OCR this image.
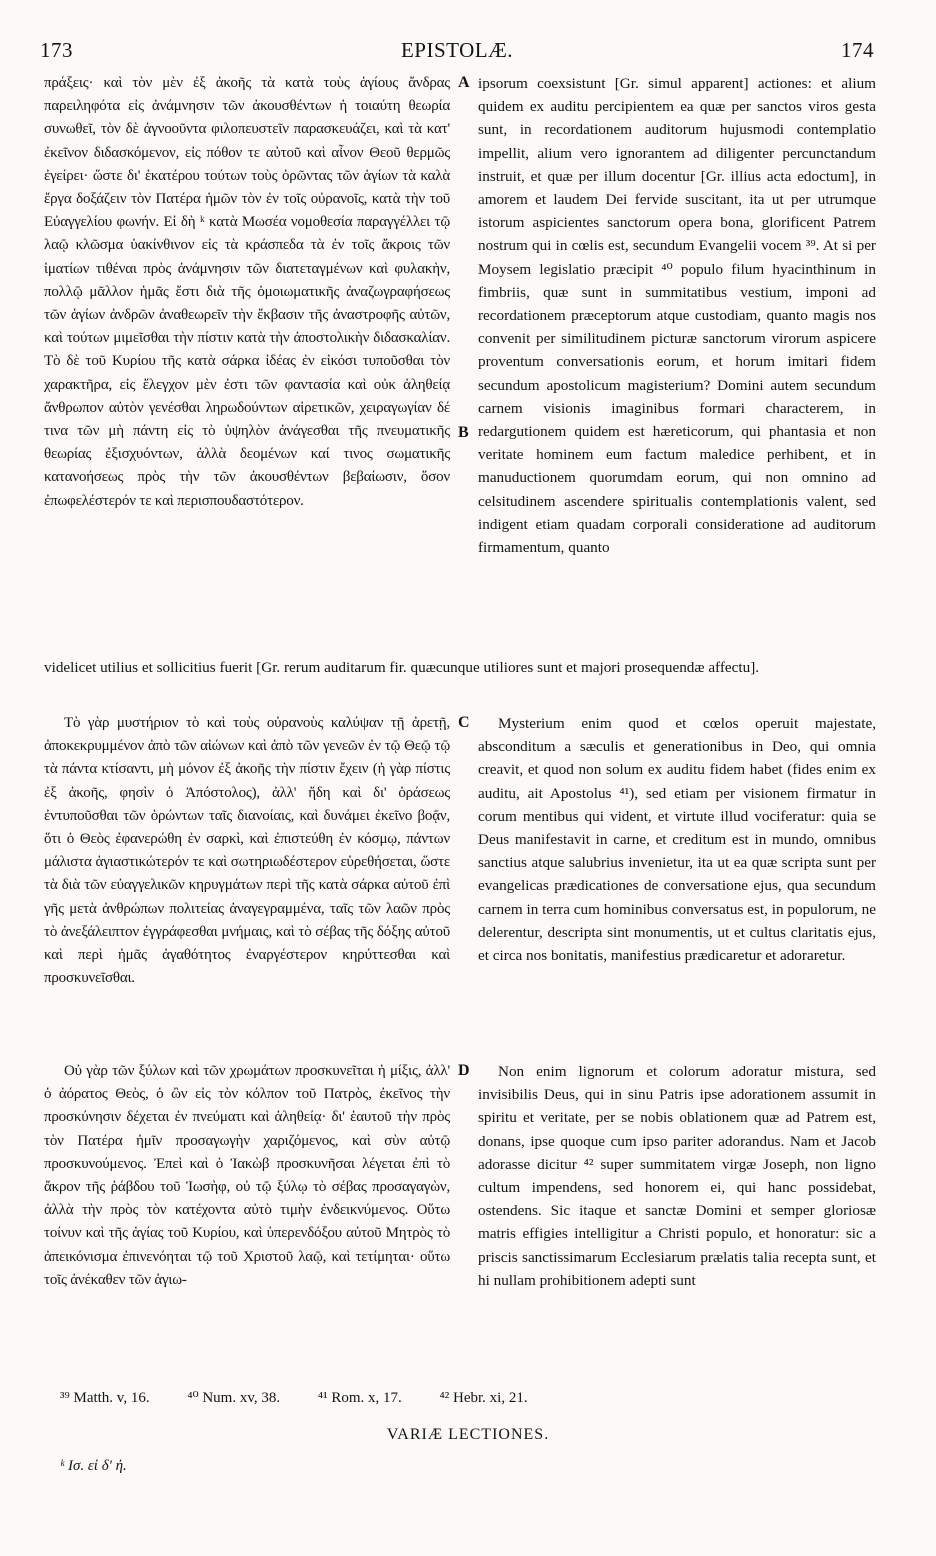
173	EPISTOLÆ.	174

πράξεις· καὶ τὸν μὲν ἐξ ἀκοῆς τὰ κατὰ τοὺς ἁγίους ἄνδρας παρειληφότα εἰς ἀνάμνησιν τῶν ἀκουσθέντων ἡ τοιαύτη θεωρία συνωθεῖ, τὸν δὲ ἀγνοοῦντα φιλοπευστεῖν παρασκευάζει, καὶ τὰ κατ' ἐκεῖνον διδασκόμενον, εἰς πόθον τε αὐτοῦ καὶ αἶνον Θεοῦ θερμῶς ἐγείρει· ὥστε δι' ἑκατέρου τούτων τοὺς ὁρῶντας τῶν ἁγίων τὰ καλὰ ἔργα δοξάζειν τὸν Πατέρα ἡμῶν τὸν ἐν τοῖς οὐρανοῖς, κατὰ τὴν τοῦ Εὐαγγελίου φωνήν. Εἰ δὴ ᵏ κατὰ Μωσέα νομοθεσία παραγγέλλει τῷ λαῷ κλῶσμα ὑακίνθινον εἰς τὰ κράσπεδα τὰ ἐν τοῖς ἄκροις τῶν ἱματίων τιθέναι πρὸς ἀνάμνησιν τῶν διατεταγμένων καὶ φυλακὴν, πολλῷ μᾶλλον ἡμᾶς ἔστι διὰ τῆς ὁμοιωματικῆς ἀναζωγραφήσεως τῶν ἁγίων ἀνδρῶν ἀναθεωρεῖν τὴν ἔκβασιν τῆς ἀναστροφῆς αὐτῶν, καὶ τούτων μιμεῖσθαι τὴν πίστιν κατὰ τὴν ἀποστολικὴν διδασκαλίαν. Τὸ δὲ τοῦ Κυρίου τῆς κατὰ σάρκα ἰδέας ἐν εἰκόσι τυποῦσθαι τὸν χαρακτῆρα, εἰς ἔλεγχον μὲν ἐστι τῶν φαντασία καὶ οὐκ ἀληθείᾳ ἄνθρωπον αὐτὸν γενέσθαι ληρωδούντων αἱρετικῶν, χειραγωγίαν δέ τινα τῶν μὴ πάντη εἰς τὸ ὑψηλὸν ἀνάγεσθαι τῆς πνευματικῆς θεωρίας ἐξισχυόντων, ἀλλὰ δεομένων καί τινος σωματικῆς κατανοήσεως πρὸς τὴν τῶν ἀκουσθέντων βεβαίωσιν, ὅσον ἐπωφελέστερόν τε καὶ περισπουδαστότερον.

A
B

ipsorum coexsistunt [Gr. simul apparent] actiones: et alium quidem ex auditu percipientem ea quæ per sanctos viros gesta sunt, in recordationem auditorum hujusmodi contemplatio impellit, alium vero ignorantem ad diligenter percunctandum instruit, et quæ per illum docentur [Gr. illius acta edoctum], in amorem et laudem Dei fervide suscitant, ita ut per utrumque istorum aspicientes sanctorum opera bona, glorificent Patrem nostrum qui in cœlis est, secundum Evangelii vocem ³⁹. At si per Moysem legislatio præcipit ⁴⁰ populo filum hyacinthinum in fimbriis, quæ sunt in summitatibus vestium, imponi ad recordationem præceptorum atque custodiam, quanto magis nos convenit per similitudinem picturæ sanctorum virorum aspicere proventum conversationis eorum, et horum imitari fidem secundum apostolicum magisterium? Domini autem secundum carnem visionis imaginibus formari characterem, in redargutionem quidem est hæreticorum, qui phantasia et non veritate hominem eum factum maledice perhibent, et in manuductionem quorumdam eorum, qui non omnino ad celsitudinem ascendere spiritualis contemplationis valent, sed indigent etiam quadam corporali consideratione ad auditorum firmamentum, quanto

videlicet utilius et sollicitius fuerit [Gr. rerum auditarum fir. quæcunque utiliores sunt et majori prosequendæ affectu].

Τὸ γὰρ μυστήριον τὸ καὶ τοὺς οὐρανοὺς καλύψαν τῇ ἀρετῇ, ἀποκεκρυμμένον ἀπὸ τῶν αἰώνων καὶ ἀπὸ τῶν γενεῶν ἐν τῷ Θεῷ τῷ τὰ πάντα κτίσαντι, μὴ μόνον ἐξ ἀκοῆς τὴν πίστιν ἔχειν (ἡ γὰρ πίστις ἐξ ἀκοῆς, φησὶν ὁ Ἀπόστολος), ἀλλ' ἤδη καὶ δι' ὁράσεως ἐντυποῦσθαι τῶν ὁρώντων ταῖς διανοίαις, καὶ δυνάμει ἐκεῖνο βοᾷν, ὅτι ὁ Θεὸς ἐφανερώθη ἐν σαρκὶ, καὶ ἐπιστεύθη ἐν κόσμῳ, πάντων μάλιστα ἁγιαστικώτερόν τε καὶ σωτηριωδέστερον εὑρεθήσεται, ὥστε τὰ διὰ τῶν εὐαγγελικῶν κηρυγμάτων περὶ τῆς κατὰ σάρκα αὐτοῦ ἐπὶ γῆς μετὰ ἀνθρώπων πολιτείας ἀναγεγραμμένα, ταῖς τῶν λαῶν πρὸς τὸ ἀνεξάλειπτον ἐγγράφεσθαι μνήμαις, καὶ τὸ σέβας τῆς δόξης αὐτοῦ καὶ περὶ ἡμᾶς ἀγαθότητος ἐναργέστερον κηρύττεσθαι καὶ προσκυνεῖσθαι.

C	Mysterium enim quod et cœlos operuit majestate, absconditum a sæculis et generationibus in Deo, qui omnia creavit, et quod non solum ex auditu fidem habet (fides enim ex auditu, ait Apostolus ⁴¹), sed etiam per visionem firmatur in corum mentibus qui vident, et virtute illud vociferatur: quia se Deus manifestavit in carne, et creditum est in mundo, omnibus sanctius atque salubrius invenietur, ita ut ea quæ scripta sunt per evangelicas prædicationes de conversatione ejus, qua secundum carnem in terra cum hominibus conversatus est, in populorum, ne delerentur, descripta sint monumentis, ut et cultus claritatis ejus, et circa nos bonitatis, manifestius prædicaretur et adoraretur.

Οὐ γὰρ τῶν ξύλων καὶ τῶν χρωμάτων προσκυνεῖται ἡ μίξις, ἀλλ' ὁ ἀόρατος Θεὸς, ὁ ὢν εἰς τὸν κόλπον τοῦ Πατρὸς, ἐκεῖνος τὴν προσκύνησιν δέχεται ἐν πνεύματι καὶ ἀληθείᾳ· δι' ἑαυτοῦ τὴν πρὸς τὸν Πατέρα ἡμῖν προσαγωγὴν χαριζόμενος, καὶ σὺν αὐτῷ προσκυνούμενος. Ἐπεὶ καὶ ὁ Ἰακὼβ προσκυνῆσαι λέγεται ἐπὶ τὸ ἄκρον τῆς ῥάβδου τοῦ Ἰωσὴφ, οὐ τῷ ξύλῳ τὸ σέβας προσαγαγὼν, ἀλλὰ τὴν πρὸς τὸν κατέχοντα αὐτὸ τιμὴν ἐνδεικνύμενος. Οὕτω τοίνυν καὶ τῆς ἁγίας τοῦ Κυρίου, καὶ ὑπερενδόξου αὐτοῦ Μητρὸς τὸ ἀπεικόνισμα ἐπινενόηται τῷ τοῦ Χριστοῦ λαῷ, καὶ τετίμηται· οὕτω τοῖς ἀνέκαθεν τῶν ἁγιω-

D	Non enim lignorum et colorum adoratur mistura, sed invisibilis Deus, qui in sinu Patris ipse adorationem assumit in spiritu et veritate, per se nobis oblationem quæ ad Patrem est, donans, ipse quoque cum ipso pariter adorandus. Nam et Jacob adorasse dicitur ⁴² super summitatem virgæ Joseph, non ligno cultum impendens, sed honorem ei, qui hanc possidebat, ostendens. Sic itaque et sanctæ Domini et semper gloriosæ matris effigies intelligitur a Christi populo, et honoratur: sic a priscis sanctissimarum Ecclesiarum prælatis talia recepta sunt, et hi nullam prohibitionem adepti sunt

³⁹ Matth. v, 16.	⁴⁰ Num. xv, 38.	⁴¹ Rom. x, 17.	⁴² Hebr. xi, 21.
VARIÆ LECTIONES.
ᵏ Ισ. εἰ δ' ἠ.
